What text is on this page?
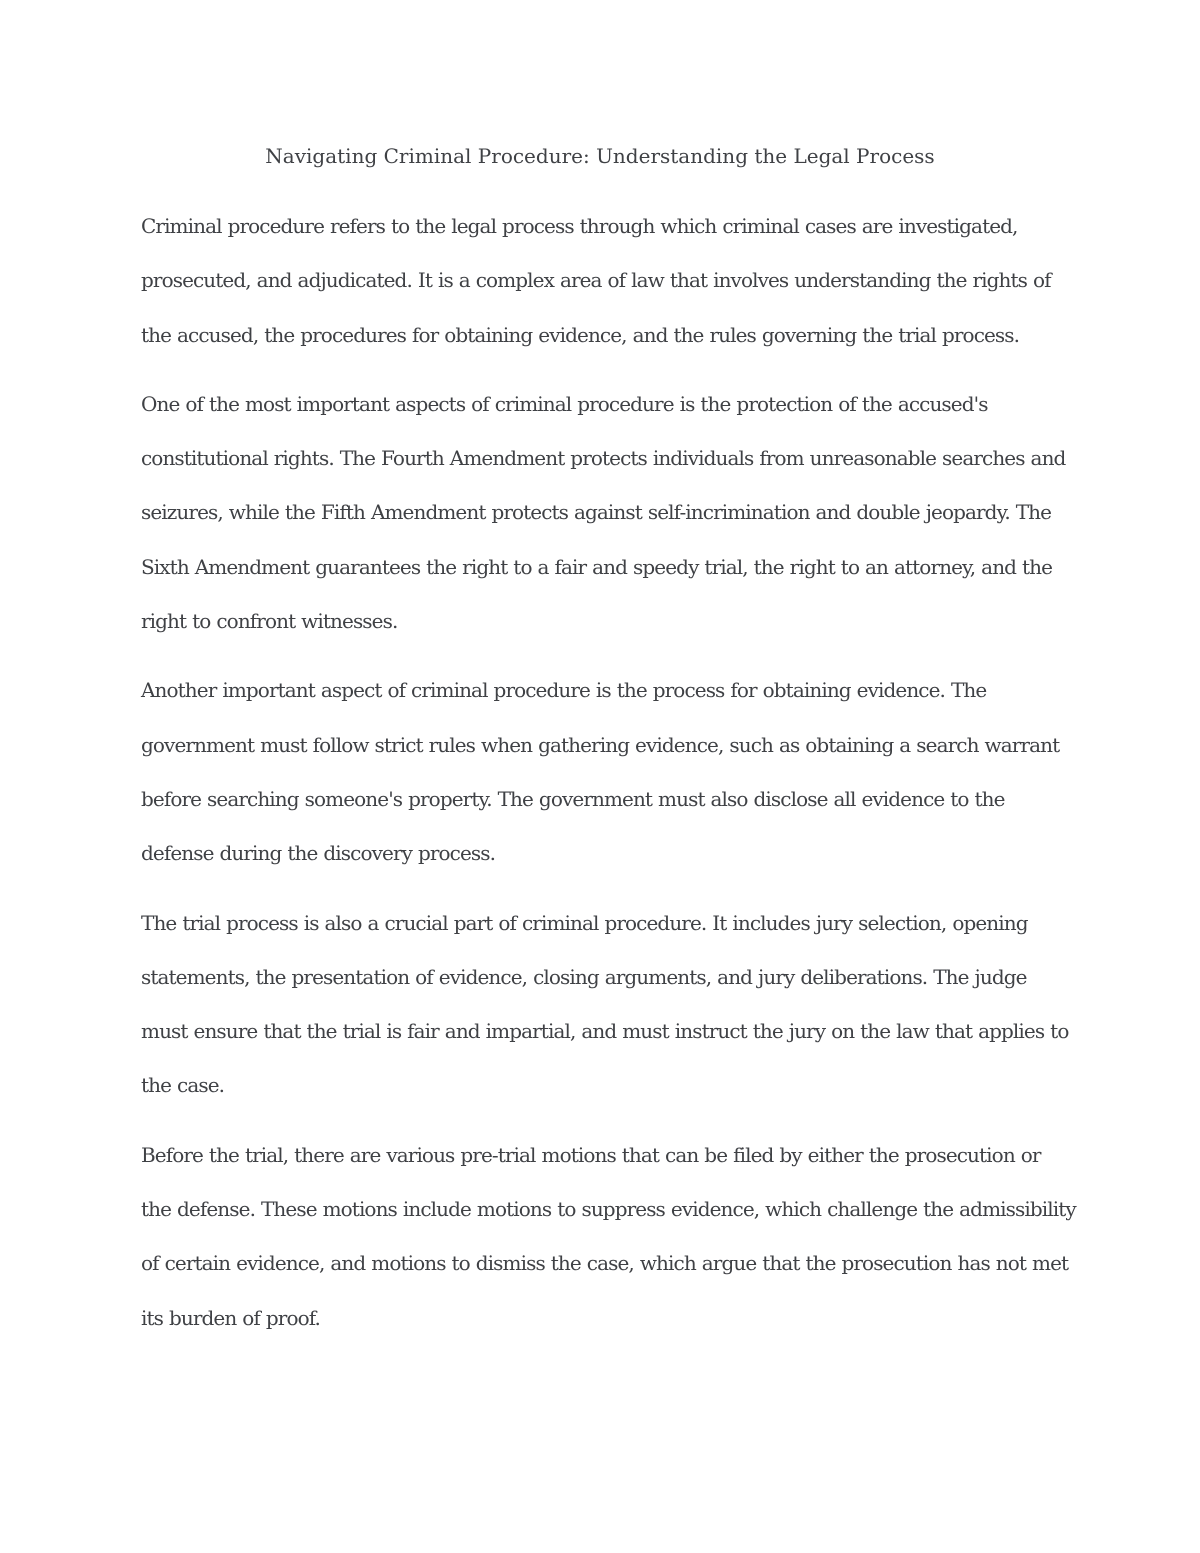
Navigating Criminal Procedure: Understanding the Legal Process

Criminal procedure refers to the legal process through which criminal cases are investigated, prosecuted, and adjudicated. It is a complex area of law that involves understanding the rights of the accused, the procedures for obtaining evidence, and the rules governing the trial process.

One of the most important aspects of criminal procedure is the protection of the accused's constitutional rights. The Fourth Amendment protects individuals from unreasonable searches and seizures, while the Fifth Amendment protects against self-incrimination and double jeopardy. The Sixth Amendment guarantees the right to a fair and speedy trial, the right to an attorney, and the right to confront witnesses.

Another important aspect of criminal procedure is the process for obtaining evidence. The government must follow strict rules when gathering evidence, such as obtaining a search warrant before searching someone's property. The government must also disclose all evidence to the defense during the discovery process.

The trial process is also a crucial part of criminal procedure. It includes jury selection, opening statements, the presentation of evidence, closing arguments, and jury deliberations. The judge must ensure that the trial is fair and impartial, and must instruct the jury on the law that applies to the case.

Before the trial, there are various pre-trial motions that can be filed by either the prosecution or the defense. These motions include motions to suppress evidence, which challenge the admissibility of certain evidence, and motions to dismiss the case, which argue that the prosecution has not met its burden of proof.
